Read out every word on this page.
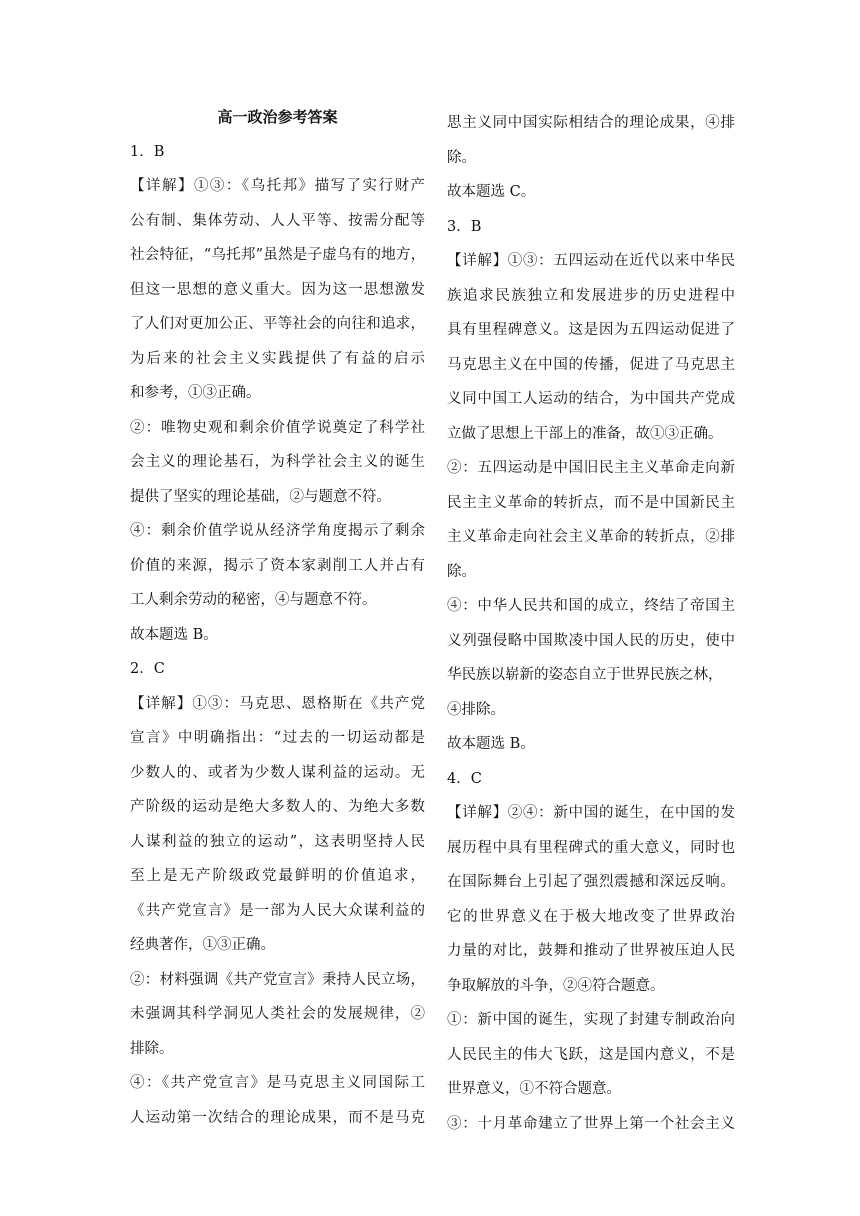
高一政治参考答案
1．B
【详解】①③：《乌托邦》描写了实行财产
公有制、集体劳动、人人平等、按需分配等
社会特征，“乌托邦”虽然是子虚乌有的地方，
但这一思想的意义重大。因为这一思想激发
了人们对更加公正、平等社会的向往和追求，
为后来的社会主义实践提供了有益的启示
和参考，①③正确。
②：唯物史观和剩余价值学说奠定了科学社
会主义的理论基石，为科学社会主义的诞生
提供了坚实的理论基础，②与题意不符。
④：剩余价值学说从经济学角度揭示了剩余
价值的来源，揭示了资本家剥削工人并占有
工人剩余劳动的秘密，④与题意不符。
故本题选 B。
2．C
【详解】①③：马克思、恩格斯在《共产党
宣言》中明确指出：“过去的一切运动都是
少数人的、或者为少数人谋利益的运动。无
产阶级的运动是绝大多数人的、为绝大多数
人谋利益的独立的运动”，这表明坚持人民
至上是无产阶级政党最鲜明的价值追求，
《共产党宣言》是一部为人民大众谋利益的
经典著作，①③正确。
②：材料强调《共产党宣言》秉持人民立场，
未强调其科学洞见人类社会的发展规律，②
排除。
④：《共产党宣言》是马克思主义同国际工
人运动第一次结合的理论成果，而不是马克
思主义同中国实际相结合的理论成果，④排
除。
故本题选 C。
3．B
【详解】①③：五四运动在近代以来中华民
族追求民族独立和发展进步的历史进程中
具有里程碑意义。这是因为五四运动促进了
马克思主义在中国的传播，促进了马克思主
义同中国工人运动的结合，为中国共产党成
立做了思想上干部上的准备，故①③正确。
②：五四运动是中国旧民主主义革命走向新
民主主义革命的转折点，而不是中国新民主
主义革命走向社会主义革命的转折点，②排
除。
④：中华人民共和国的成立，终结了帝国主
义列强侵略中国欺凌中国人民的历史，使中
华民族以崭新的姿态自立于世界民族之林，
④排除。
故本题选 B。
4．C
【详解】②④：新中国的诞生，在中国的发
展历程中具有里程碑式的重大意义，同时也
在国际舞台上引起了强烈震撼和深远反响。
它的世界意义在于极大地改变了世界政治
力量的对比，鼓舞和推动了世界被压迫人民
争取解放的斗争，②④符合题意。
①：新中国的诞生，实现了封建专制政治向
人民民主的伟大飞跃，这是国内意义，不是
世界意义，①不符合题意。
③：十月革命建立了世界上第一个社会主义
